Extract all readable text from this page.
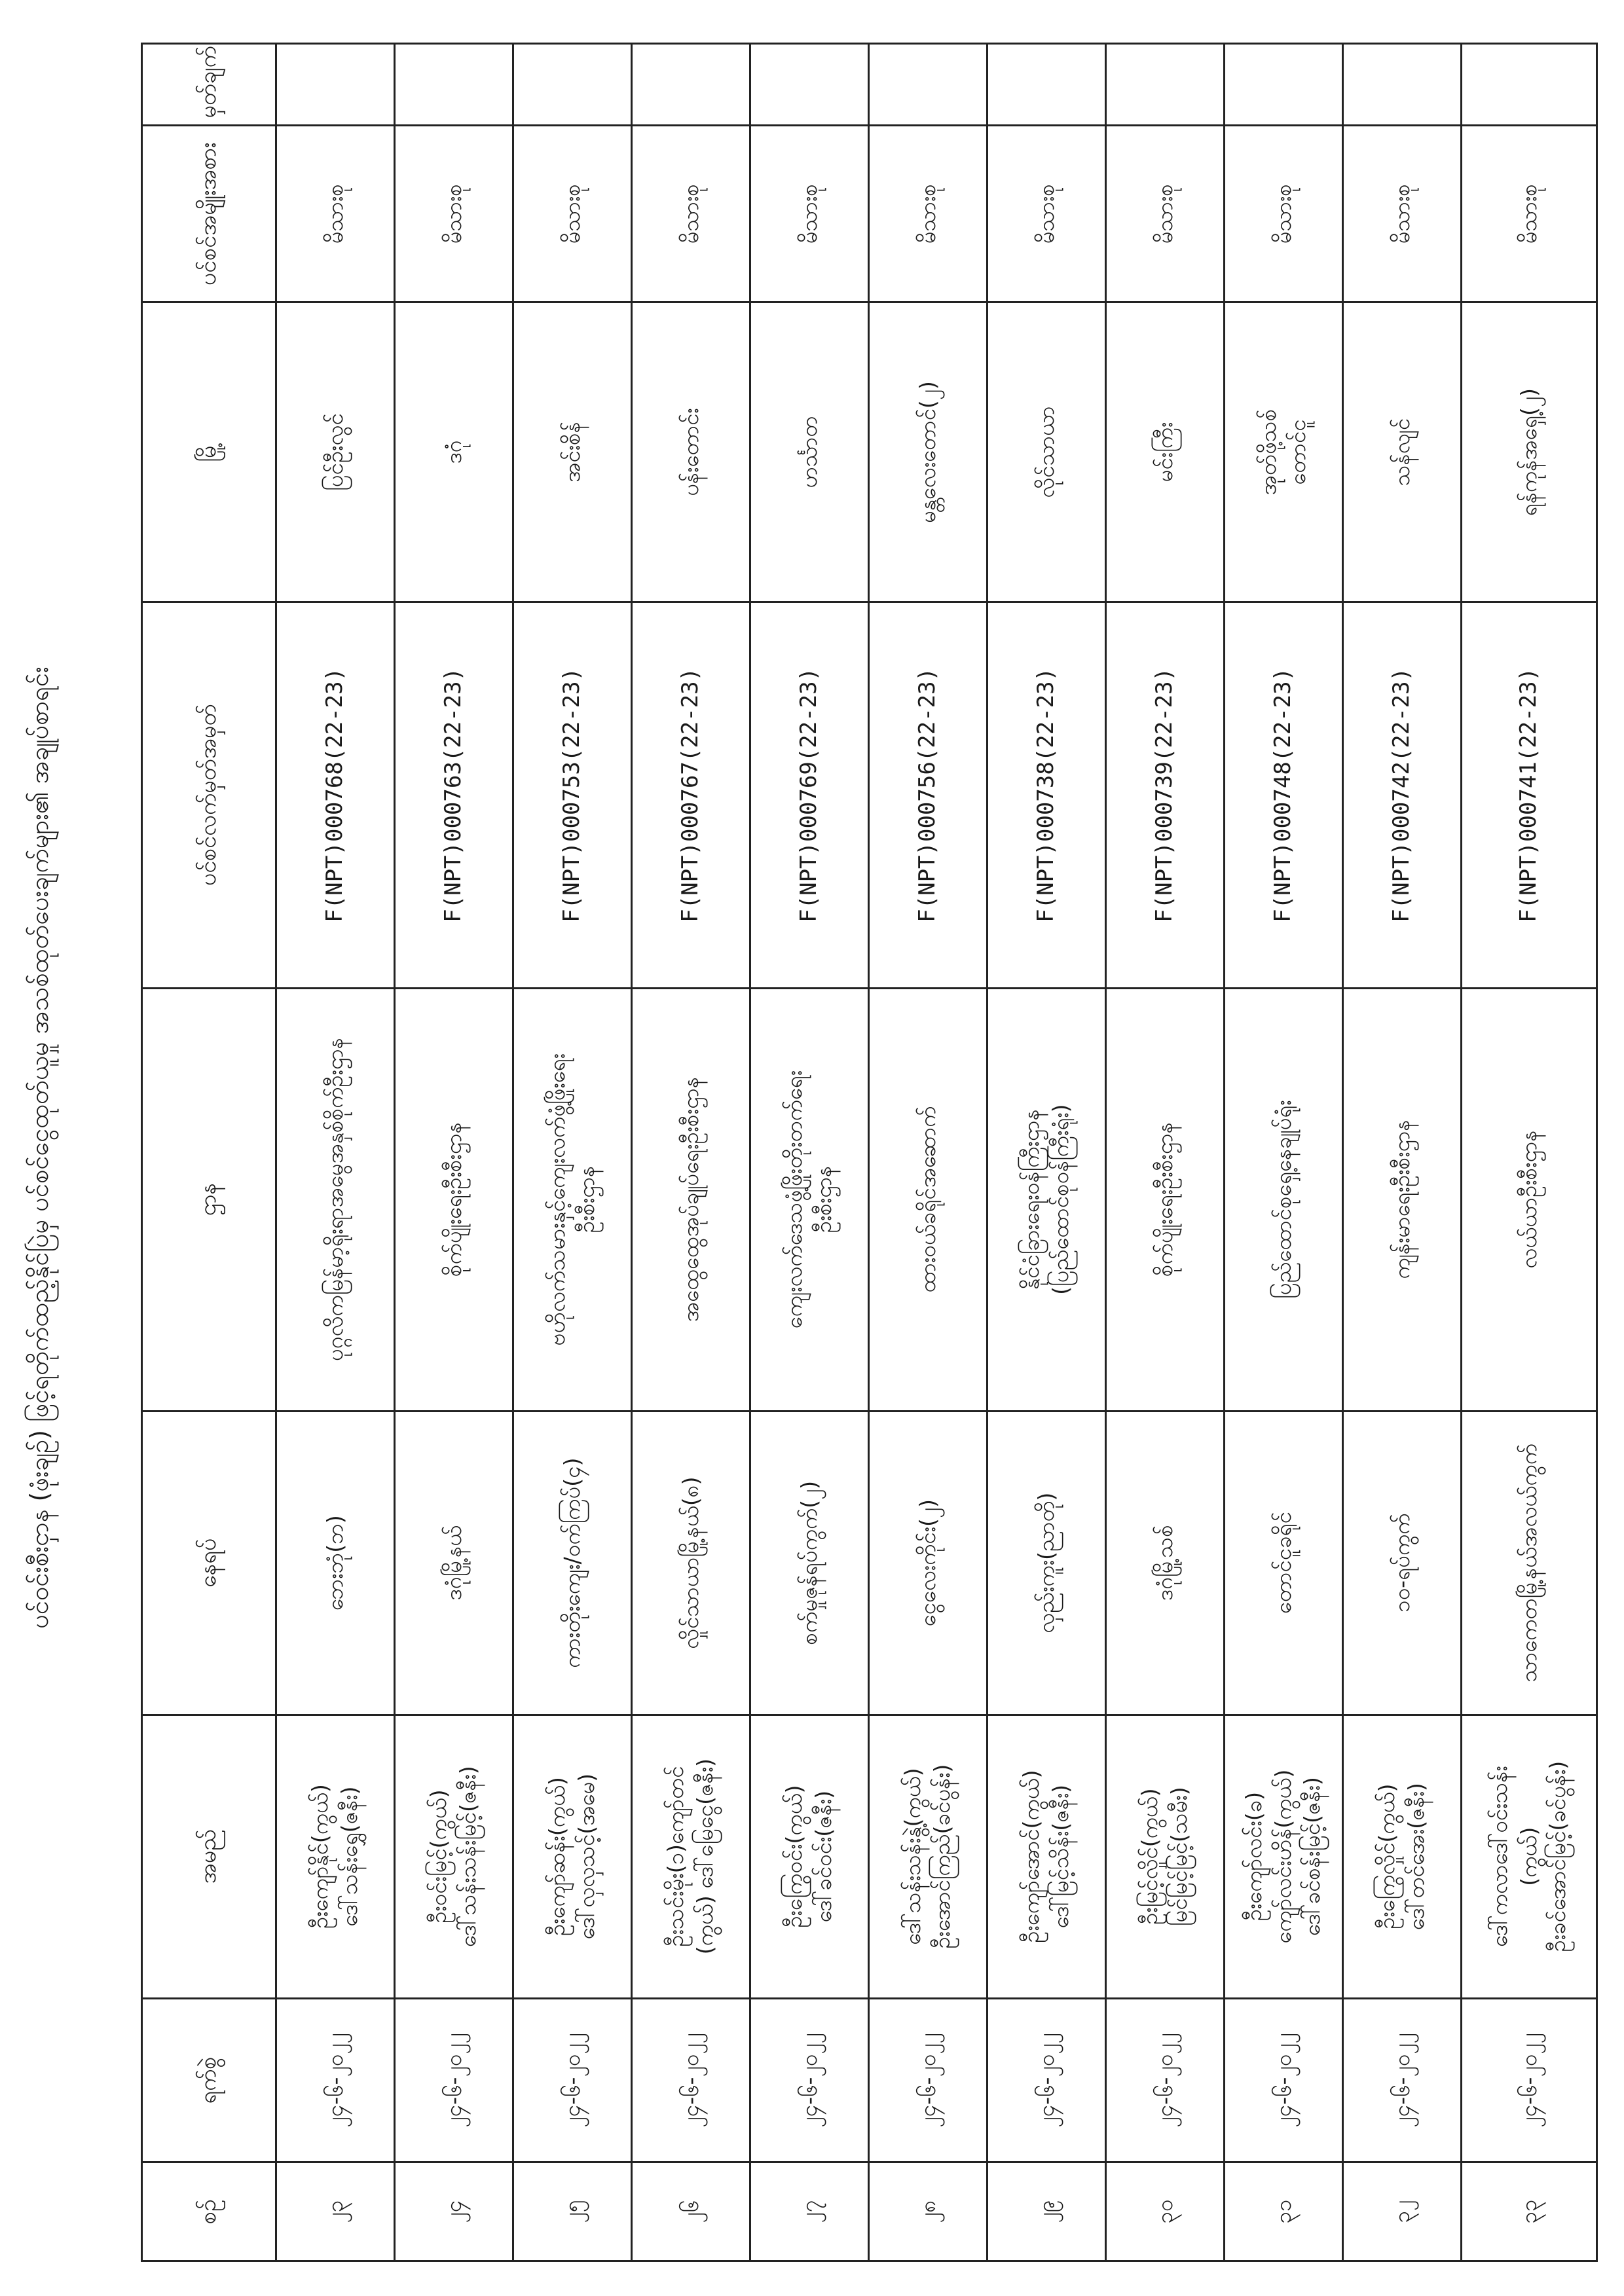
ပင်ဝင်းစီးငှာန (ဖုံးချဉ်) ဖြင့်ရတိုက်ထည့်နိုင်ပြဲမှ ပင်စင်ငွေထုတ်ယူမှု အသစ်ထုတ်ပေးချက်များ၏ အချုပ်စာရင်း
စဉ်	ရက်စွဲ	အမည်	နေရပ်	ဌာန	ပင်စင်လက်မှတ်အမှတ်	မြို့	ပင်စင်အမျိုးအစား	မှတ်ချက်
၂၃	၂၄-၆-၂၀၂၂	ဦးကျော်နိုင်(ကွယ်) ဒေါ်သန်းရွှေ(ဇနီး)	ဘေးဘုံ(ဘ)	ပုဂ္ဂလိကမြန်မာ့ရိုးရာအမွေအနှစ်စိုက်ဦးဌာန	F(NPT)000768(22-23)	ပြင်ဦးလွင်	မိသားစု	
၂၄	၂၄-၆-၂၀၂၂	ဦးဝင်းမြင့်(ကွယ်) ဒေါ်သန်းသန်းမြင့်(ဇနီး)	ဒဂုံမြို့နယ်	စိုက်ပျိုးရေးဦးစီးဌာန	F(NPT)000763(22-23)	ဒဂုံ	မိသားစု	
၂၅	၂၄-၆-၂၀၂၂	ဦးကျော်ဆန်း(ကွယ်) ဒေါ်လှလှသင့်(အမေ)	ကားတိုးကျေး/ဝက်ကြပ်(၄)	ဗဟိုလက်သမားနှင့်ကျေးလက်ဖွံ့ဖြိုးရေး ဦးစီးဌာန	F(NPT)000753(22-23)	အင်းစိန်	မိသားစု	
၂၆	၂၄-၆-၂၀၂၂	ဦးသင်းမိုး(၁)ကျော်တင် (ကွယ်) ဒေါ်မြေငွေ(ဇနီး)	လှိုင်သာယာမြို့နယ်(၈)	အထွေထွေအုပ်ချုပ်ရေးဦးစီးဌာန	F(NPT)000767(22-23)	ပန်းတောင်း	မိသားစု	
၂၇	၂၄-၆-၂၀၂၂	ဦးကြွေဝင်း(ကွယ်) ဒေါ်ခင်ဝင်း(ဇနီး)	စက်မှုဇုန်ရပ်ကွက်(၂)	ကျေးလက်ဒေသဖွံ့ဖြိုးတိုးတက်ရေး ဦးစီးဌာန	F(NPT)000769(22-23)	ဟင်္သာတ	မိသားစု	
၂၈	၂၄-၆-၂၀၂၂	ဒေါ်သန်းသန်းနွဲ့(ကွယ်) ဦးအောင်ကြည်(ခင်ပွန်း)	ငွေလေးကိုင်း(၂)	ထားဝယ်ခရိုင်အဆောက်	F(NPT)000756(22-23)	မန္တလေးတောင်(၂)	မိသားစု	
၂၉	၂၄-၆-၂၀၂၂	ဦးကျော်အောင်(ကွယ်) ဒေါ်မြင့်သိန်း(ဇနီး)	လှည်းကူး(ညာတို)	နိုင်ငံခြားရေးဝန်ကြီးဌာန (ပြည်ထောင်စုဝန်ကြီးရုံး)	F(NPT)000738(22-23)	လိုင်သာယာ	မိသားစု	
၃၀	၂၄-၆-၂၀၂၂	ဦးမြင့်လှိုင်(ကွယ်) မြင်မြင့်မြင့်(သမီး)	ဒဂုံမြို့သစ်	စိုက်ပျိုးရေးဦးစီးဌာန	F(NPT)000739(22-23)	မင်းကြီး	မိသားစု	
၃၁	၂၄-၆-၂၀၂၂	ဦးကျော်လင်း(ခ) ကျော်လင်းဟိန်(ကွယ်) ဒေါ်ခင်စန်းမြင့်(ဇနီး)	တောင်ငူခရိုင်	ပြည်ထောင်စုရှေ့နေချုပ်ရုံး	F(NPT)000748(22-23)	အုတ်ဖို့သစ် တောင်ငူ	မိသားစု	
၃၂	၂၄-၆-၂၀၂၂	ဦးကြွေလှိုင်(ကွယ်) ဒေါ်တင်အေး(ဇနီး)	၁၀-ရပ်ကွက်	ကျန်းမာရေးဦးစီးဌာန	F(NPT)000742(22-23)	သန်လျင်	မိသားစု	
၃၃	၂၄-၆-၂၀၂၂	ဒေါ်ကလာဒေါ်ဝင်းသန်း (ကွယ်) ဦးခင်အောင်မြင့်(ခင်ပွန်း)	သာကေတမြို့နယ်အလယ်ကွက်	လယ်ယာဦးစီးဌာန	F(NPT)000741(22-23)	ရန်ကုန်အရှေ့(၂)	မိသားစု	
